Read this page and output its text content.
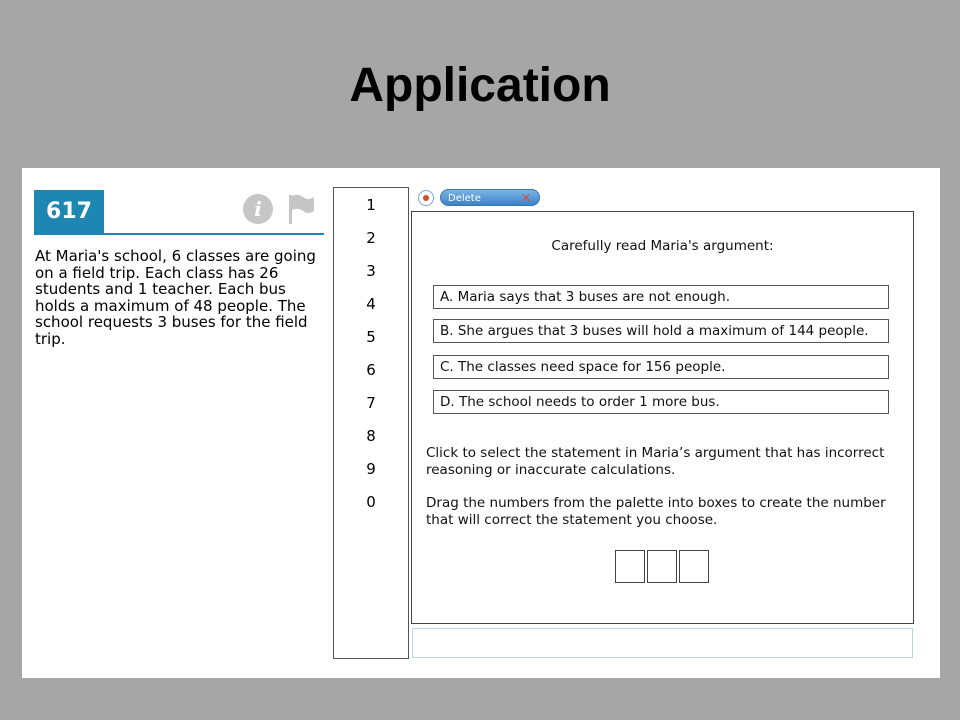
Application
617	i
At Maria's school, 6 classes are going on a field trip. Each class has 26 students and 1 teacher. Each bus holds a maximum of 48 people. The school requests 3 buses for the field trip.
1
2
3
4
5
6
7
8
9
0
Delete	✕
Carefully read Maria's argument:
A. Maria says that 3 buses are not enough.
B. She argues that 3 buses will hold a maximum of 144 people.
C. The classes need space for 156 people.
D. The school needs to order 1 more bus.
Click to select the statement in Maria’s argument that has incorrect reasoning or inaccurate calculations.
Drag the numbers from the palette into boxes to create the number that will correct the statement you choose.
